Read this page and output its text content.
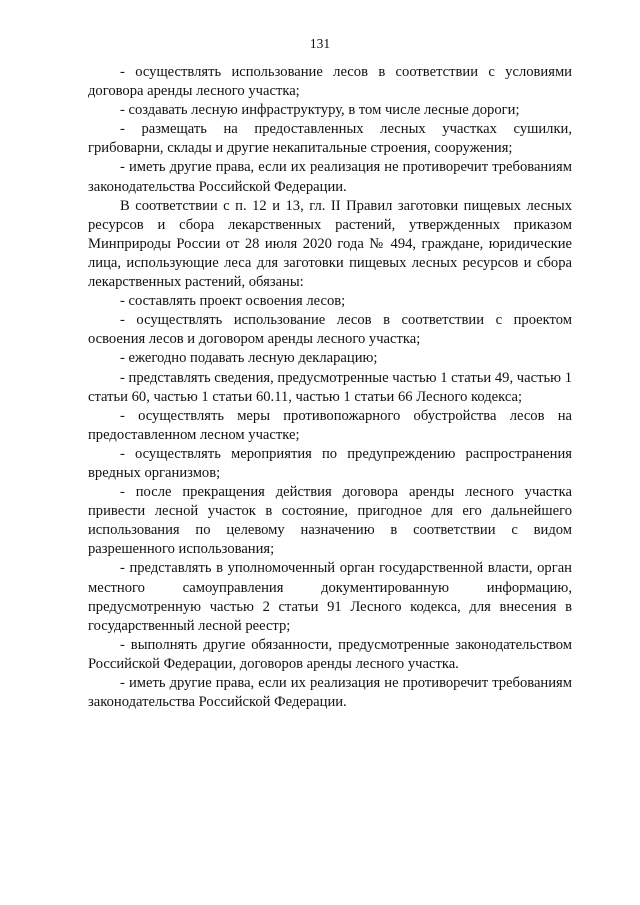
131

- осуществлять использование лесов в соответствии с условиями договора аренды лесного участка;

- создавать лесную инфраструктуру, в том числе лесные дороги;

- размещать на предоставленных лесных участках сушилки, грибоварни, склады и другие некапитальные строения, сооружения;

- иметь другие права, если их реализация не противоречит требованиям законодательства Российской Федерации.

В соответствии с п. 12 и 13, гл. II Правил заготовки пищевых лесных ресурсов и сбора лекарственных растений, утвержденных приказом Минприроды России от 28 июля 2020 года № 494, граждане, юридические лица, использующие леса для заготовки пищевых лесных ресурсов и сбора лекарственных растений, обязаны:

- составлять проект освоения лесов;

- осуществлять использование лесов в соответствии с проектом освоения лесов и договором аренды лесного участка;

- ежегодно подавать лесную декларацию;

- представлять сведения, предусмотренные частью 1 статьи 49, частью 1 статьи 60, частью 1 статьи 60.11, частью 1 статьи 66 Лесного кодекса;

- осуществлять меры противопожарного обустройства лесов на предоставленном лесном участке;

- осуществлять мероприятия по предупреждению распространения вредных организмов;

- после прекращения действия договора аренды лесного участка привести лесной участок в состояние, пригодное для его дальнейшего использования по целевому назначению в соответствии с видом разрешенного использования;

- представлять в уполномоченный орган государственной власти, орган местного самоуправления документированную информацию, предусмотренную частью 2 статьи 91 Лесного кодекса, для внесения в государственный лесной реестр;

- выполнять другие обязанности, предусмотренные законодательством Российской Федерации, договоров аренды лесного участка.

- иметь другие права, если их реализация не противоречит требованиям законодательства Российской Федерации.
